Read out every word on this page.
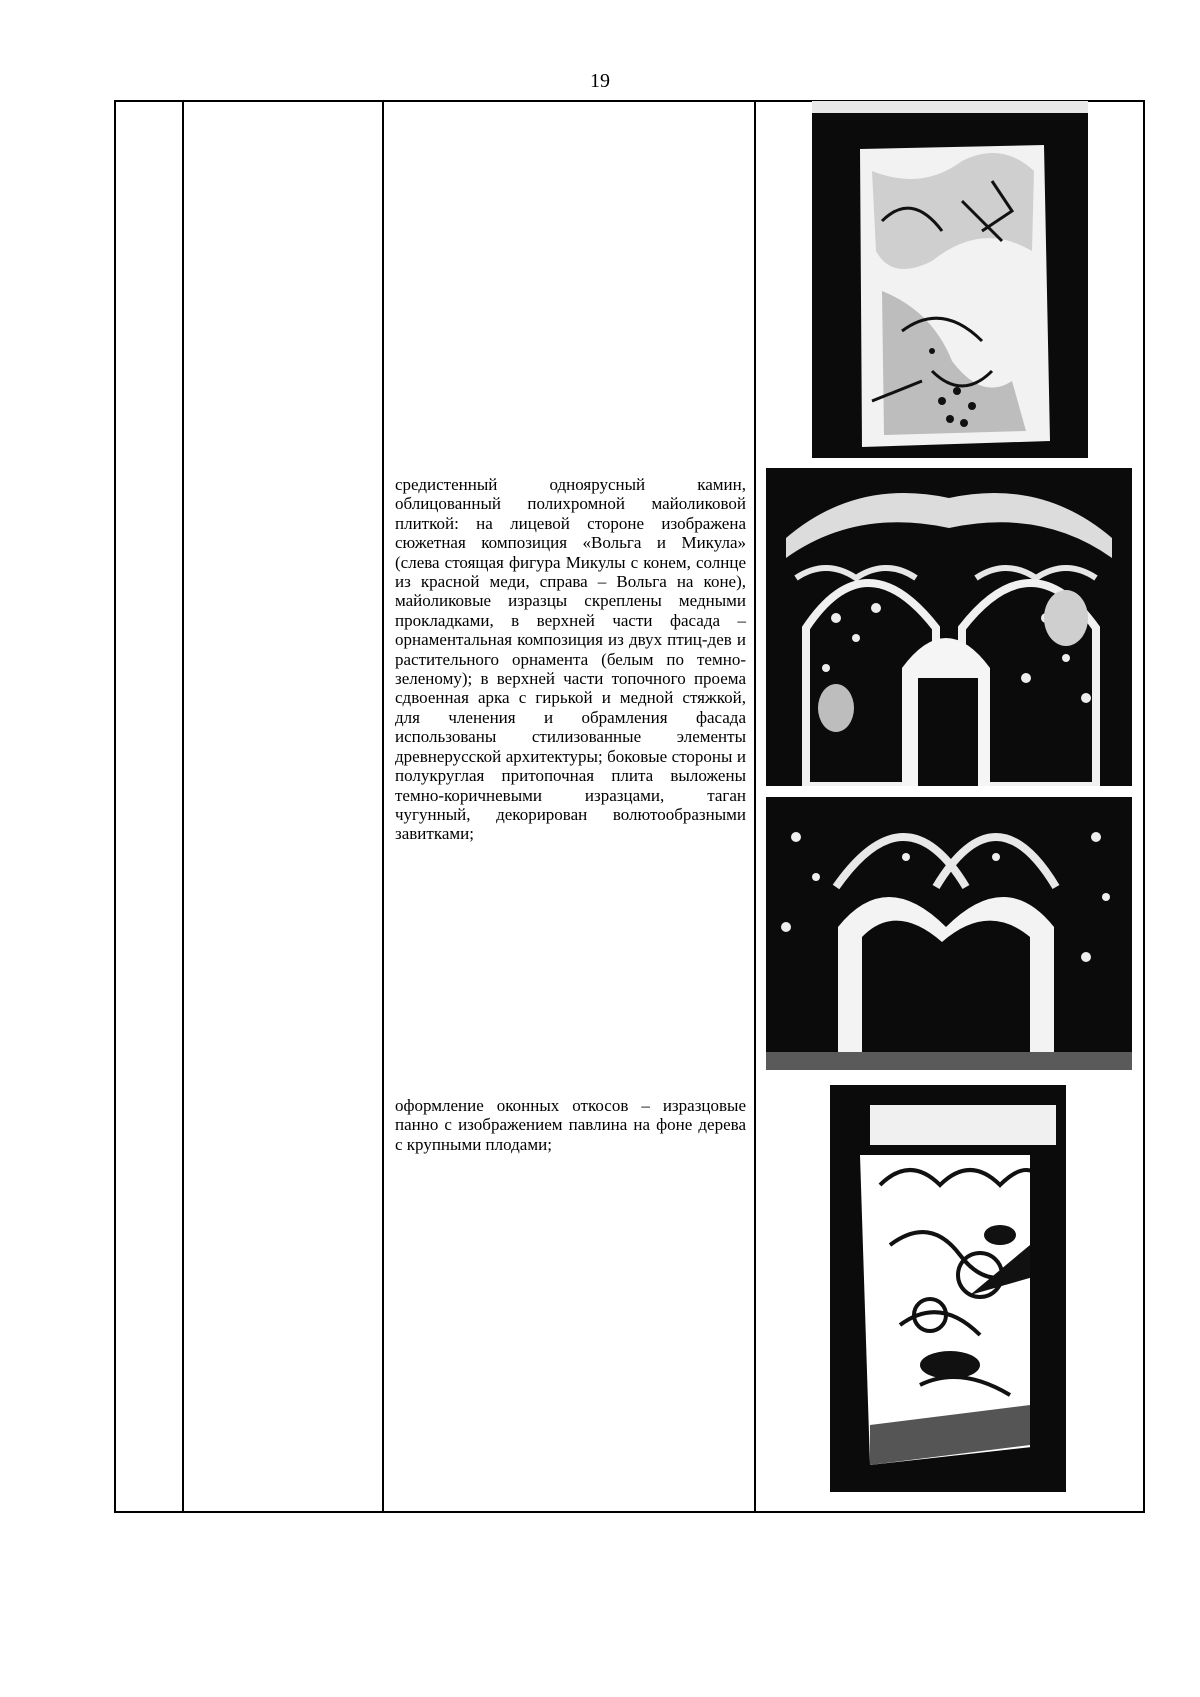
19
средистенный одноярусный камин, облицованный полихромной майоликовой плиткой: на лицевой стороне изображена сюжетная композиция «Вольга и Микула» (слева стоящая фигура Микулы с конем, солнце из красной меди, справа – Вольга на коне), майоликовые изразцы скреплены медными прокладками, в верхней части фасада – орнаментальная композиция из двух птиц-дев и растительного орнамента (белым по темно-зеленому); в верхней части топочного проема сдвоенная арка с гирькой и медной стяжкой, для членения и обрамления фасада использованы стилизованные элементы древнерусской архитектуры; боковые стороны и полукруглая притопочная плита выложены темно-коричневыми изразцами, таган чугунный, декорирован волютообразными завитками;
оформление оконных откосов – изразцовые панно с изображением павлина на фоне дерева с крупными плодами;
